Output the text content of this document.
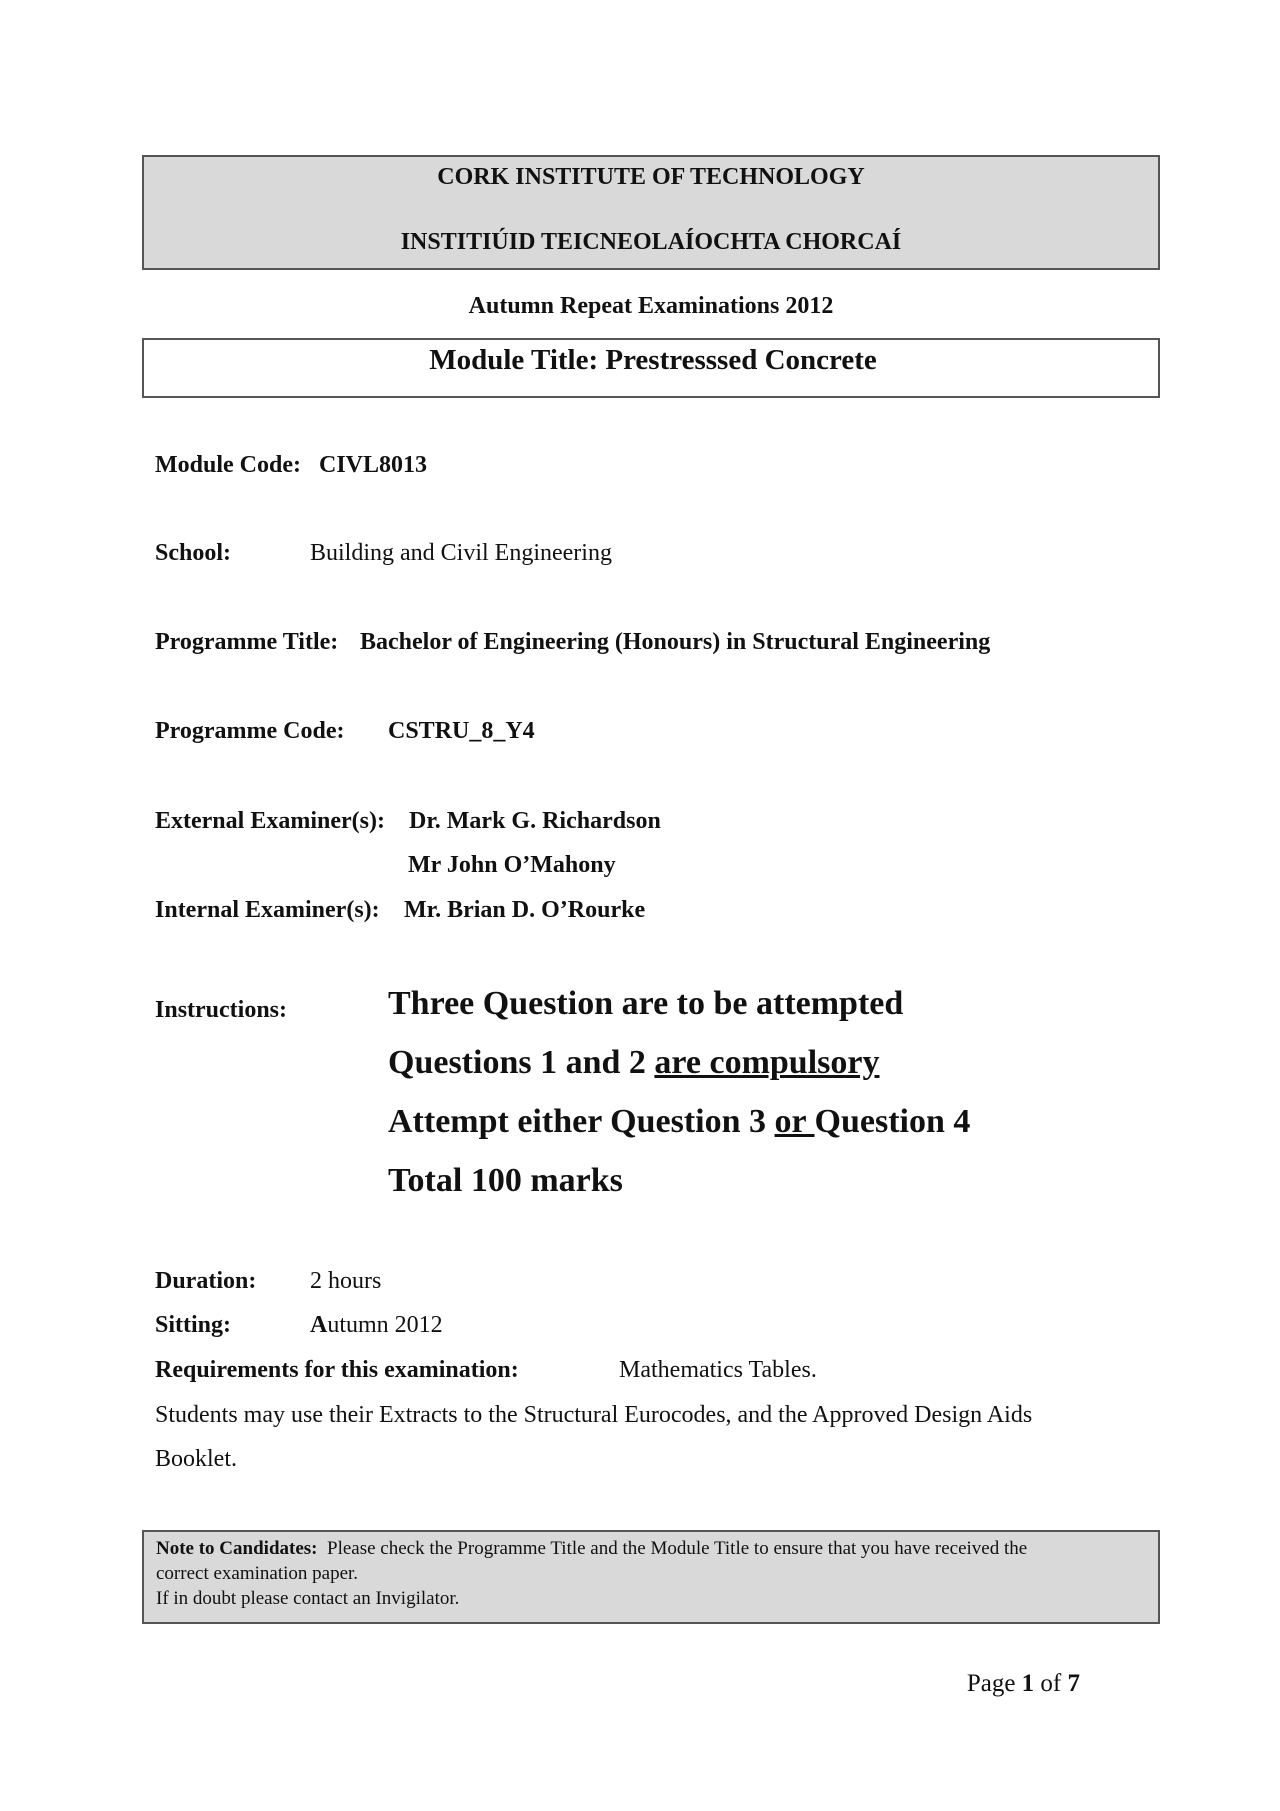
CORK INSTITUTE OF TECHNOLOGY
INSTITIÚID TEICNEOLAÍOCHTA CHORCAÍ
Autumn Repeat Examinations 2012
Module Title: Prestresssed Concrete
Module Code: CIVL8013
School:	Building and Civil Engineering
Programme Title: Bachelor of Engineering (Honours) in Structural Engineering
Programme Code: CSTRU_8_Y4
External Examiner(s): Dr. Mark G. Richardson
Mr John O’Mahony
Internal Examiner(s): Mr. Brian D. O’Rourke
Instructions:	Three Question are to be attempted
Questions 1 and 2 are compulsory
Attempt either Question 3 or Question 4
Total 100 marks
Duration: 2 hours
Sitting:	Autumn 2012
Requirements for this examination:	Mathematics Tables.
Students may use their Extracts to the Structural Eurocodes, and the Approved Design Aids
Booklet.
Note to Candidates: Please check the Programme Title and the Module Title to ensure that you have received the
correct examination paper.
If in doubt please contact an Invigilator.
Page 1 of 7
